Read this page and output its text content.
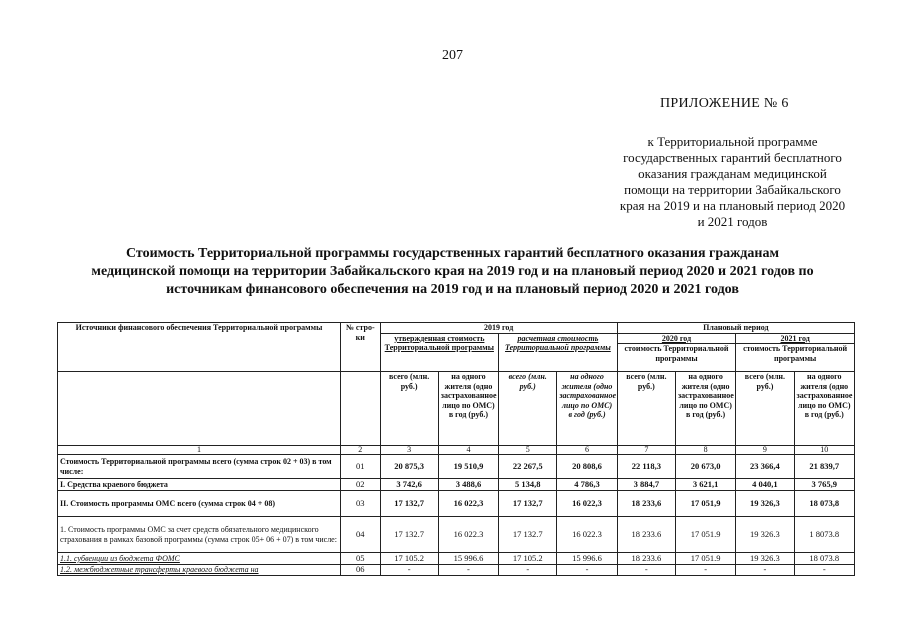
207
ПРИЛОЖЕНИЕ № 6
к Территориальной программе
государственных гарантий бесплатного
оказания гражданам медицинской
помощи на территории Забайкальского
края на 2019 и на плановый период 2020
и 2021 годов
Стоимость Территориальной программы государственных гарантий бесплатного оказания гражданам
медицинской помощи на территории Забайкальского края на 2019 год и на плановый период 2020 и 2021 годов по
источникам финансового обеспечения на 2019 год и на плановый период 2020 и 2021 годов
Источники финансового обеспечения Территориальной программы	№ стро-ки	2019 год				Плановый период			
		утвержденная стоимость Территориальной программы		расчетная стоимость Территориальной программы		2020 год		2021 год	
						стоимость Территориальной программы		стоимость Территориальной программы	
		всего (млн. руб.)	на одного жителя (одно застрахованное лицо по ОМС) в год (руб.)	всего (млн. руб.)	на одного жителя (одно застрахованное лицо по ОМС) в год (руб.)	всего (млн. руб.)	на одного жителя (одно застрахованное лицо по ОМС) в год (руб.)	всего (млн. руб.)	на одного жителя (одно застрахованное лицо по ОМС) в год (руб.)
1	2	3	4	5	6	7	8	9	10
Стоимость Территориальной программы всего (сумма строк 02 + 03) в том числе:	01	20 875,3	19 510,9	22 267,5	20 808,6	22 118,3	20 673,0	23 366,4	21 839,7
I. Средства краевого бюджета	02	3 742,6	3 488,6	5 134,8	4 786,3	3 884,7	3 621,1	4 040,1	3 765,9
II. Стоимость программы ОМС всего (сумма строк 04 + 08)	03	17 132,7	16 022,3	17 132,7	16 022,3	18 233,6	17 051,9	19 326,3	18 073,8
1. Стоимость программы ОМС за счет средств обязательного медицинского страхования в рамках базовой программы (сумма строк 05+ 06 + 07) в том числе:	04	17 132.7	16 022.3	17 132.7	16 022.3	18 233.6	17 051.9	19 326.3	1 8073.8
1.1. субвенции из бюджета ФОМС	05	17 105.2	15 996.6	17 105.2	15 996.6	18 233.6	17 051.9	19 326.3	18 073.8
1.2. межбюджетные трансферты краевого бюджета на	06	-	-	-	-	-	-	-	-
